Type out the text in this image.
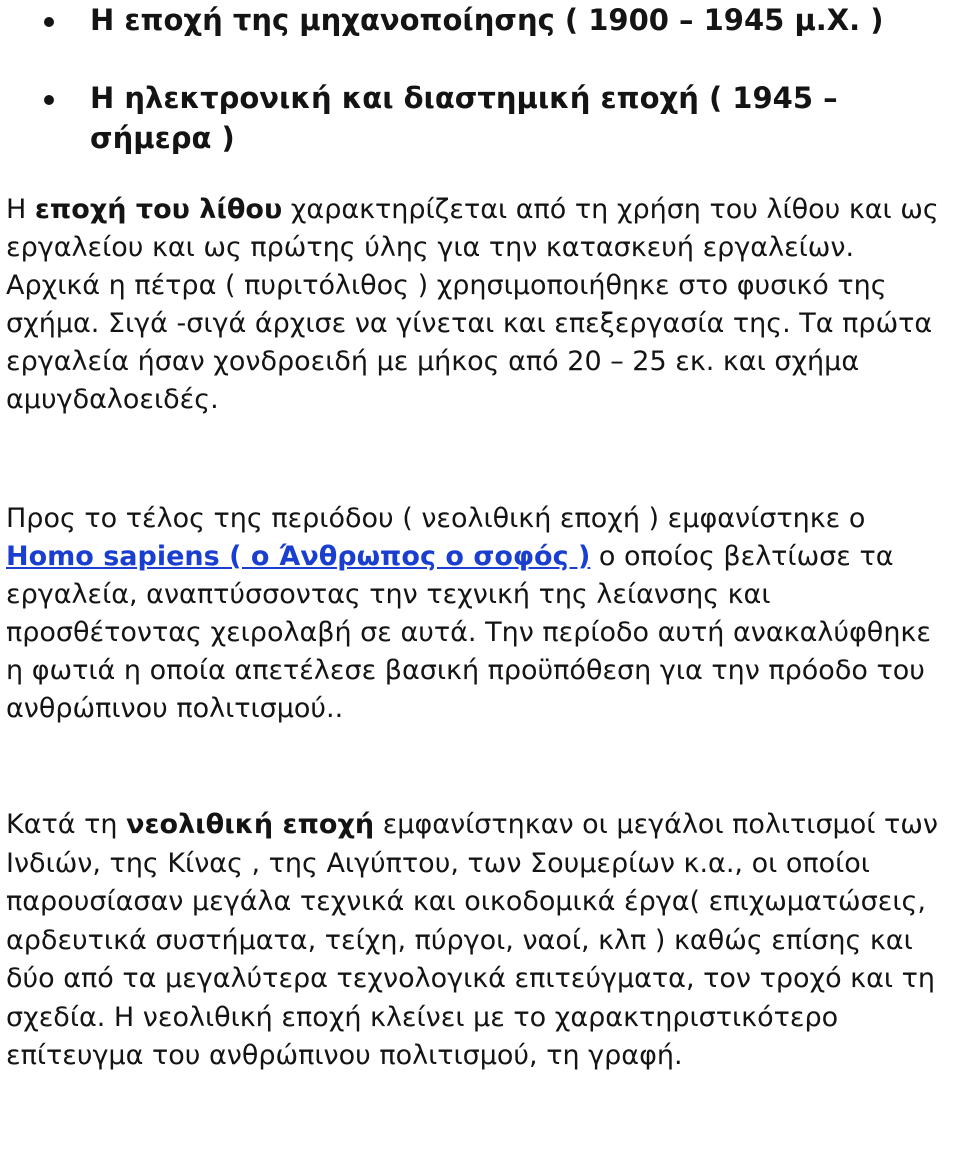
Η εποχή της μηχανοποίησης ( 1900 – 1945 μ.Χ. )
Η ηλεκτρονική και διαστημική εποχή ( 1945 – σήμερα )

Η εποχή του λίθου χαρακτηρίζεται από τη χρήση του λίθου και ως εργαλείου και ως πρώτης ύλης για την κατασκευή εργαλείων. Αρχικά η πέτρα ( πυριτόλιθος ) χρησιμοποιήθηκε στο φυσικό της σχήμα. Σιγά -σιγά άρχισε να γίνεται και επεξεργασία της. Τα πρώτα εργαλεία ήσαν χονδροειδή με μήκος από 20 – 25 εκ. και σχήμα αμυγδαλοειδές.

Προς το τέλος της περιόδου ( νεολιθική εποχή ) εμφανίστηκε ο Homo sapiens ( ο Άνθρωπος ο σοφός ) ο οποίος βελτίωσε τα εργαλεία, αναπτύσσοντας την τεχνική της λείανσης και προσθέτοντας χειρολαβή σε αυτά. Την περίοδο αυτή ανακαλύφθηκε η φωτιά η οποία απετέλεσε βασική προϋπόθεση για την πρόοδο του ανθρώπινου πολιτισμού..

Κατά τη νεολιθική εποχή εμφανίστηκαν οι μεγάλοι πολιτισμοί των Ινδιών, της Κίνας , της Αιγύπτου, των Σουμερίων κ.α., οι οποίοι παρουσίασαν μεγάλα τεχνικά και οικοδομικά έργα( επιχωματώσεις, αρδευτικά συστήματα, τείχη, πύργοι, ναοί, κλπ ) καθώς επίσης και δύο από τα μεγαλύτερα τεχνολογικά επιτεύγματα, τον τροχό και τη σχεδία. Η νεολιθική εποχή κλείνει με το χαρακτηριστικότερο επίτευγμα του ανθρώπινου πολιτισμού, τη γραφή.
